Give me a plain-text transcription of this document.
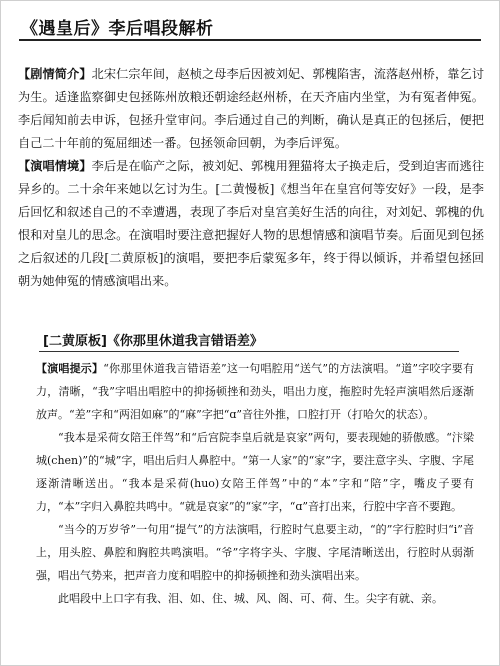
《遇皇后》李后唱段解析

【剧情简介】北宋仁宗年间，赵桢之母李后因被刘妃、郭槐陷害，流落赵州桥，靠乞讨为生。适逢监察御史包拯陈州放粮还朝途经赵州桥，在天齐庙内坐堂，为有冤者伸冤。李后闻知前去申诉，包拯升堂审问。李后通过自己的判断，确认是真正的包拯后，便把自己二十年前的冤屈细述一番。包拯领命回朝，为李后评冤。

【演唱情境】李后是在临产之际，被刘妃、郭槐用狸猫将太子换走后，受到迫害而逃往异乡的。二十余年来她以乞讨为生。[二黄慢板]《想当年在皇宫何等安好》一段，是李后回忆和叙述自己的不幸遭遇，表现了李后对皇宫美好生活的向往，对刘妃、郭槐的仇恨和对皇儿的思念。在演唱时要注意把握好人物的思想情感和演唱节奏。后面见到包拯之后叙述的几段[二黄原板]的演唱，要把李后蒙冤多年，终于得以倾诉，并希望包拯回朝为她伸冤的情感演唱出来。

[二黄原板]《你那里休道我言错语差》

【演唱提示】“你那里休道我言错语差”这一句唱腔用“送气”的方法演唱。“道”字咬字要有力，清晰，“我”字唱出唱腔中的抑扬顿挫和劲头，唱出力度，拖腔时先轻声演唱然后逐渐放声。“差”字和“两泪如麻”的“麻”字把“ɑ”音往外推，口腔打开（打哈欠的状态）。

“我本是采荷女陪王伴驾”和“后宫院李皇后就是哀家”两句，要表现她的骄傲感。“汴梁城(chen)”的“城”字，唱出后归人鼻腔中。“第一人家”的“家”字，要注意字头、字腹、字尾逐渐清晰送出。“我本是采荷(huo)女陪王伴驾”中的“本”字和“陪”字，嘴皮子要有力，“本”字归入鼻腔共鸣中。“就是哀家”的“家”字，“ɑ”音打出来，行腔中字音不要跑。

“当今的万岁爷”一句用“提气”的方法演唱，行腔时气息要主动，“的”字行腔时归“i”音上，用头腔、鼻腔和胸腔共鸣演唱。“爷”字将字头、字腹、字尾清晰送出，行腔时从弱渐强，唱出气势来，把声音力度和唱腔中的抑扬顿挫和劲头演唱出来。

此唱段中上口字有我、泪、如、住、城、风、阁、可、荷、生。尖字有就、亲。
